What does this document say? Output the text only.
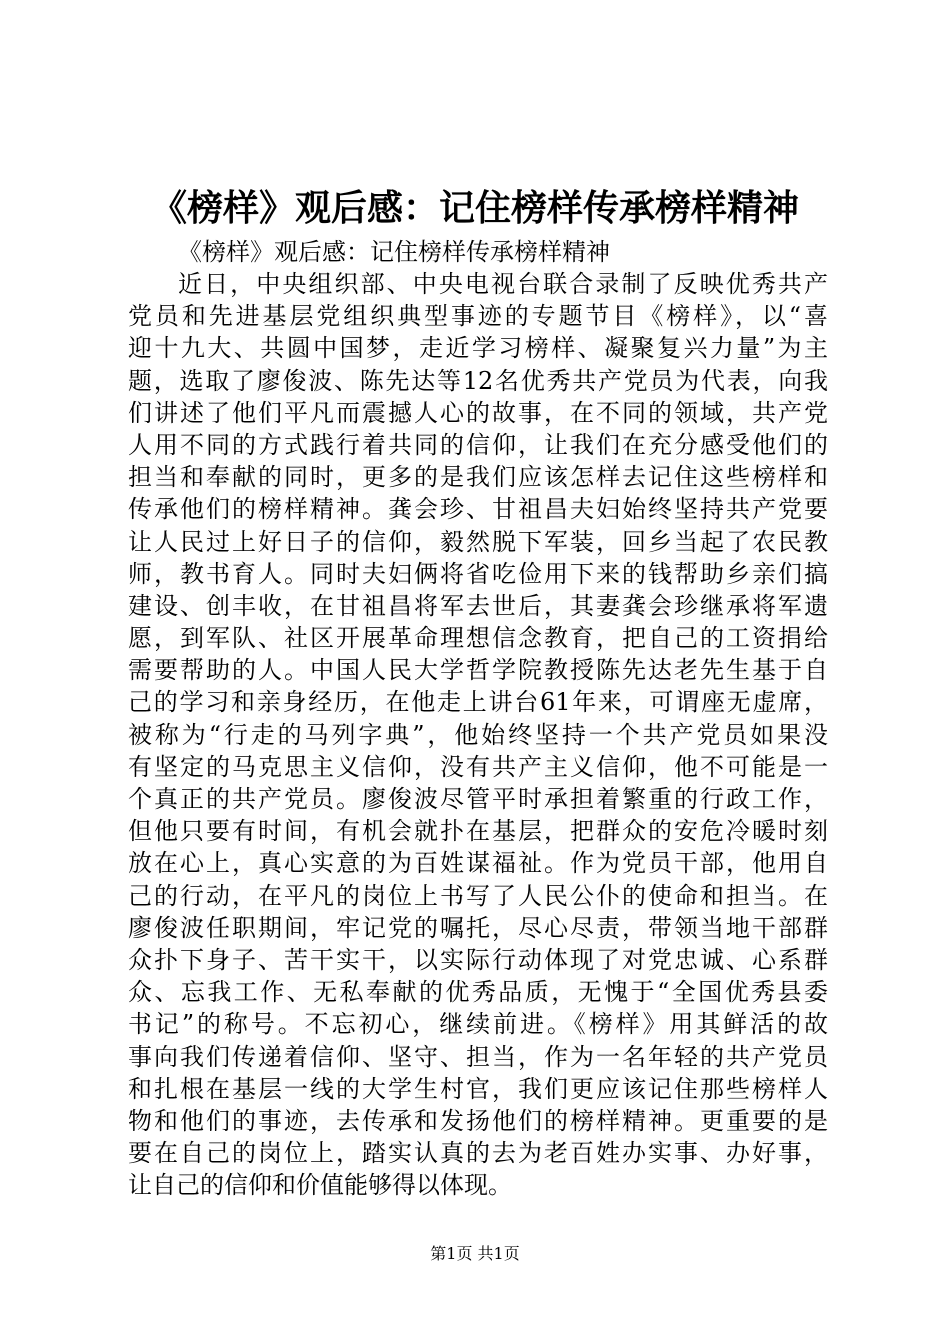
《榜样》观后感：记住榜样传承榜样精神
《榜样》观后感：记住榜样传承榜样精神
近日，中央组织部、中央电视台联合录制了反映优秀共产
党员和先进基层党组织典型事迹的专题节目《榜样》，以“喜
迎十九大、共圆中国梦，走近学习榜样、凝聚复兴力量”为主
题，选取了廖俊波、陈先达等12名优秀共产党员为代表，向我
们讲述了他们平凡而震撼人心的故事，在不同的领域，共产党
人用不同的方式践行着共同的信仰，让我们在充分感受他们的
担当和奉献的同时，更多的是我们应该怎样去记住这些榜样和
传承他们的榜样精神。龚会珍、甘祖昌夫妇始终坚持共产党要
让人民过上好日子的信仰，毅然脱下军装，回乡当起了农民教
师，教书育人。同时夫妇俩将省吃俭用下来的钱帮助乡亲们搞
建设、创丰收，在甘祖昌将军去世后，其妻龚会珍继承将军遗
愿，到军队、社区开展革命理想信念教育，把自己的工资捐给
需要帮助的人。中国人民大学哲学院教授陈先达老先生基于自
己的学习和亲身经历，在他走上讲台61年来，可谓座无虚席，
被称为“行走的马列字典”，他始终坚持一个共产党员如果没
有坚定的马克思主义信仰，没有共产主义信仰，他不可能是一
个真正的共产党员。廖俊波尽管平时承担着繁重的行政工作，
但他只要有时间，有机会就扑在基层，把群众的安危冷暖时刻
放在心上，真心实意的为百姓谋福祉。作为党员干部，他用自
己的行动，在平凡的岗位上书写了人民公仆的使命和担当。在
廖俊波任职期间，牢记党的嘱托，尽心尽责，带领当地干部群
众扑下身子、苦干实干，以实际行动体现了对党忠诚、心系群
众、忘我工作、无私奉献的优秀品质，无愧于“全国优秀县委
书记”的称号。不忘初心，继续前进。《榜样》用其鲜活的故
事向我们传递着信仰、坚守、担当，作为一名年轻的共产党员
和扎根在基层一线的大学生村官，我们更应该记住那些榜样人
物和他们的事迹，去传承和发扬他们的榜样精神。更重要的是
要在自己的岗位上，踏实认真的去为老百姓办实事、办好事，
让自己的信仰和价值能够得以体现。
第1页 共1页
